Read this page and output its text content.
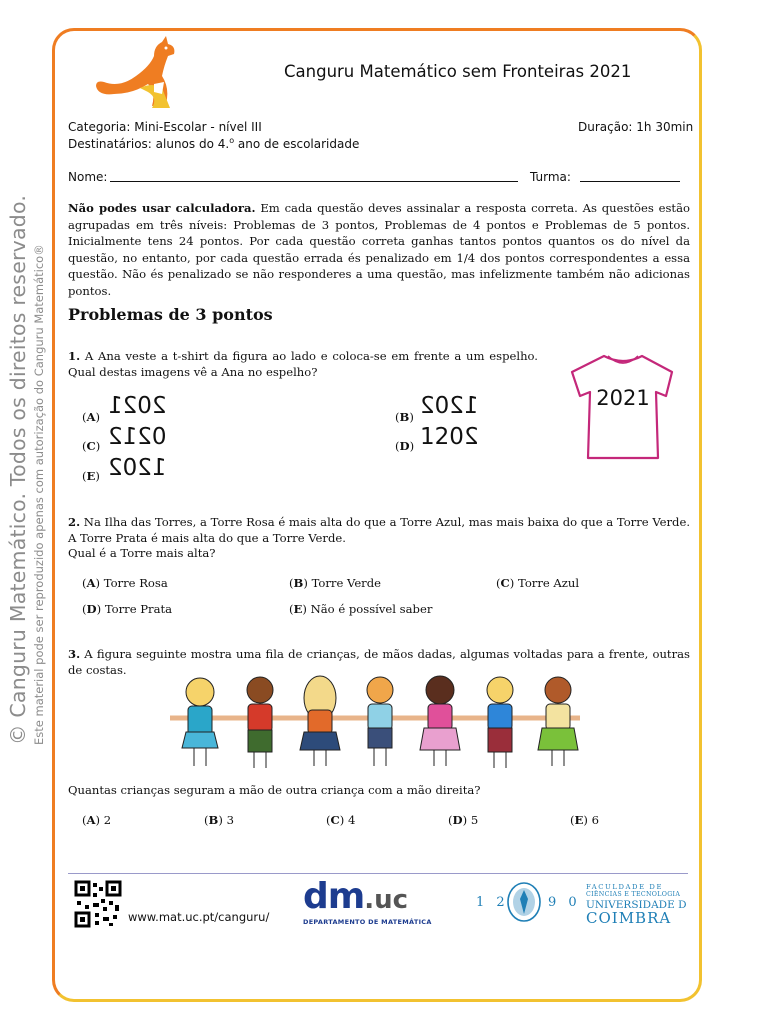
© Canguru Matemático. Todos os direitos reservado. Este material pode ser reproduzido apenas com autorização do Canguru Matemático®
Canguru Matemático sem Fronteiras 2021
Categoria: Mini-Escolar - nível III	Duração: 1h 30min
Destinatários: alunos do 4.$^o$ ano de escolaridade
Nome:	Turma:
Não podes usar calculadora. Em cada questão deves assinalar a resposta correta. As questões estão agrupadas em três níveis: Problemas de 3 pontos, Problemas de 4 pontos e Problemas de 5 pontos. Inicialmente tens 24 pontos. Por cada questão correta ganhas tantos pontos quantos os do nível da questão, no entanto, por cada questão errada és penalizado em 1/4 dos pontos correspondentes a essa questão. Não és penalizado se não responderes a uma questão, mas infelizmente também não adicionas pontos.
Problemas de 3 pontos
1. A Ana veste a t-shirt da figura ao lado e coloca-se em frente a um espelho. Qual destas imagens vê a Ana no espelho?
2021
(A) 2021	(B) 1202
(C) 0212	(D) 1202
(E) 1202
2. Na Ilha das Torres, a Torre Rosa é mais alta do que a Torre Azul, mas mais baixa do que a Torre Verde. A Torre Prata é mais alta do que a Torre Verde.
Qual é a Torre mais alta?
(A) Torre Rosa	(B) Torre Verde	(C) Torre Azul
(D) Torre Prata	(E) Não é possível saber
3. A figura seguinte mostra uma fila de crianças, de mãos dadas, algumas voltadas para a frente, outras de costas.
Quantas crianças seguram a mão de outra criança com a mão direita?
(A) 2	(B) 3	(C) 4	(D) 5	(E) 6
www.mat.uc.pt/canguru/ dm.uc
DEPARTAMENTO DE MATEMÁTICA
1 2	9 0
FACULDADE DE
CIÊNCIAS E TECNOLOGIA
UNIVERSIDADE D
COIMBRA
